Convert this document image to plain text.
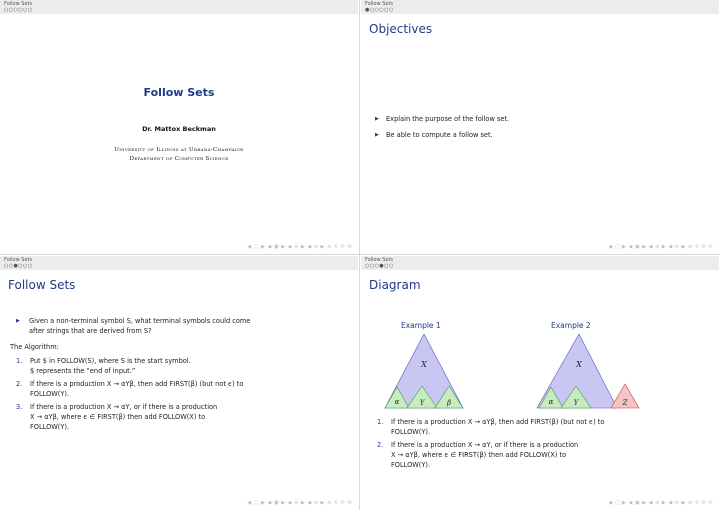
Follow Sets
○○○○○○
Follow Sets
Dr. Mattox Beckman
University of Illinois at Urbana-Champaign
Department of Computer Science
◀ □ ▶ ◀ ▣ ▶ ◀ ≡ ▶ ◀ ≡ ▶ ≡ ⟲ ⟳ ⟲
Follow Sets
●○○○○○
Objectives
▶ Explain the purpose of the follow set.
▶ Be able to compute a follow set.
◀ □ ▶ ◀ ▣ ▶ ◀ ≡ ▶ ◀ ≡ ▶ ≡ ⟲ ⟳ ⟲
Follow Sets
○○●○○○
Follow Sets
▶ Given a non-terminal symbol S, what terminal symbols could come
after strings that are derived from S?
The Algorithm:
1. Put $ in FOLLOW(S), where S is the start symbol.
$ represents the “end of input.”
2. If there is a production X → αYβ, then add FIRST(β) (but not ϵ) to
FOLLOW(Y).
3. If there is a production X → αY, or if there is a production
X → αYβ, where ϵ ∈ FIRST(β) then add FOLLOW(X) to
FOLLOW(Y).
◀ □ ▶ ◀ ▣ ▶ ◀ ≡ ▶ ◀ ≡ ▶ ≡ ⟲ ⟳ ⟲
Follow Sets
○○○●○○
Diagram
X
α	Y	β
X
α	Y	Z
Example 1	Example 2
1. If there is a production X → αYβ, then add FIRST(β) (but not ϵ) to
FOLLOW(Y).
2. If there is a production X → αY, or if there is a production
X → αYβ, where ϵ ∈ FIRST(β) then add FOLLOW(X) to
FOLLOW(Y).
◀ □ ▶ ◀ ▣ ▶ ◀ ≡ ▶ ◀ ≡ ▶ ≡ ⟲ ⟳ ⟲
